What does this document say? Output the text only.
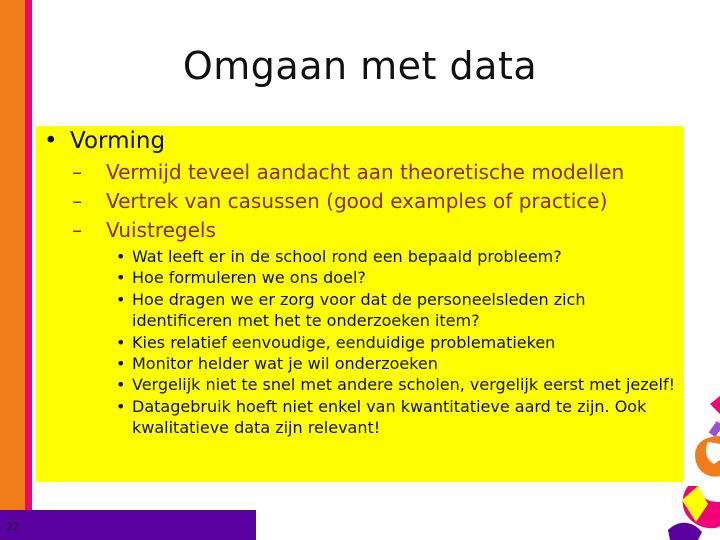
Omgaan met data
• Vorming
– Vermijd teveel aandacht aan theoretische modellen
– Vertrek van casussen (good examples of practice)
– Vuistregels
• Wat leeft er in de school rond een bepaald probleem?
• Hoe formuleren we ons doel?
• Hoe dragen we er zorg voor dat de personeelsleden zich identificeren met het te onderzoeken item?
• Kies relatief eenvoudige, eenduidige problematieken
• Monitor helder wat je wil onderzoeken
• Vergelijk niet te snel met andere scholen, vergelijk eerst met jezelf!
• Datagebruik hoeft niet enkel van kwantitatieve aard te zijn. Ook kwalitatieve data zijn relevant!
22
